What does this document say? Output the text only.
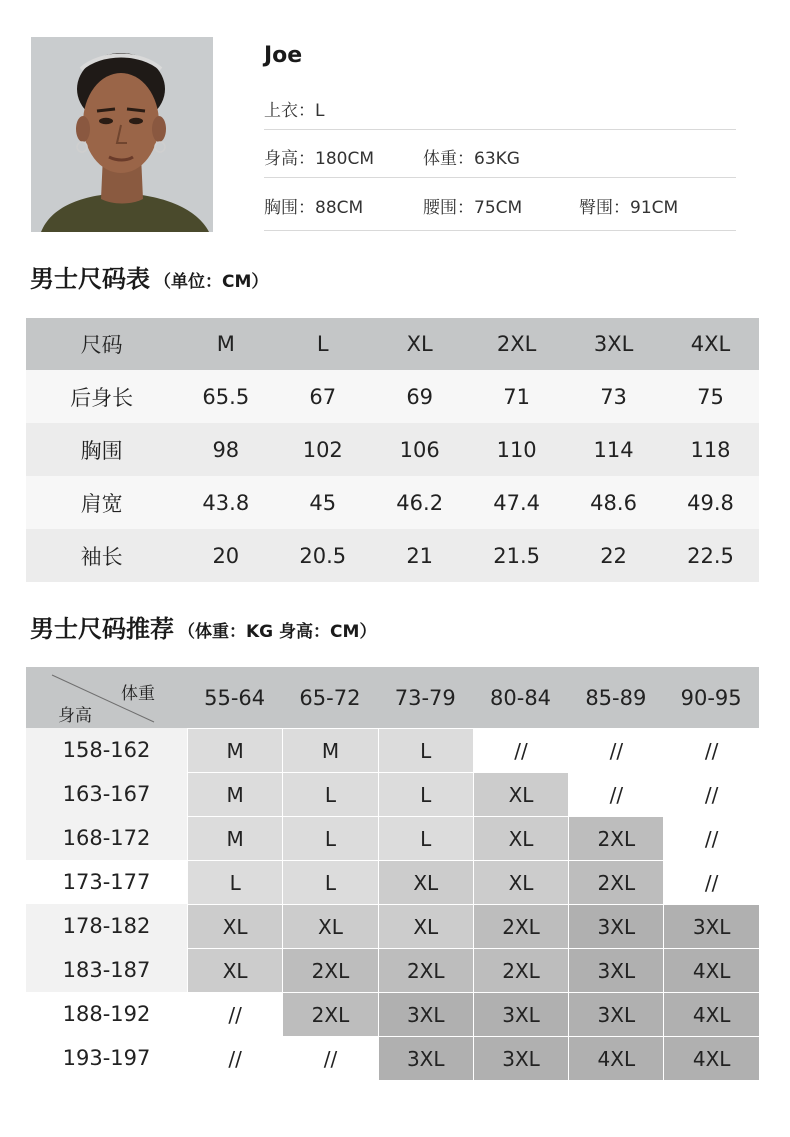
Joe
上衣：L
身高：180CM	体重：63KG
胸围：88CM	腰围：75CM	臀围：91CM
男士尺码表 （单位：CM）
尺码	M	L	XL	2XL	3XL	4XL
后身长	65.5	67	69	71	73	75
胸围	98	102	106	110	114	118
肩宽	43.8	45	46.2	47.4	48.6	49.8
袖长	20	20.5	21	21.5	22	22.5
男士尺码推荐 （体重：KG 身高：CM）
体重
身高
55-64	65-72	73-79	80-84	85-89	90-95
158-162	M	M	L	//	//	//
163-167	M	L	L	XL	//	//
168-172	M	L	L	XL	2XL	//
173-177	L	L	XL	XL	2XL	//
178-182	XL	XL	XL	2XL	3XL	3XL
183-187	XL	2XL	2XL	2XL	3XL	4XL
188-192	//	2XL	3XL	3XL	3XL	4XL
193-197	//	//	3XL	3XL	4XL	4XL
